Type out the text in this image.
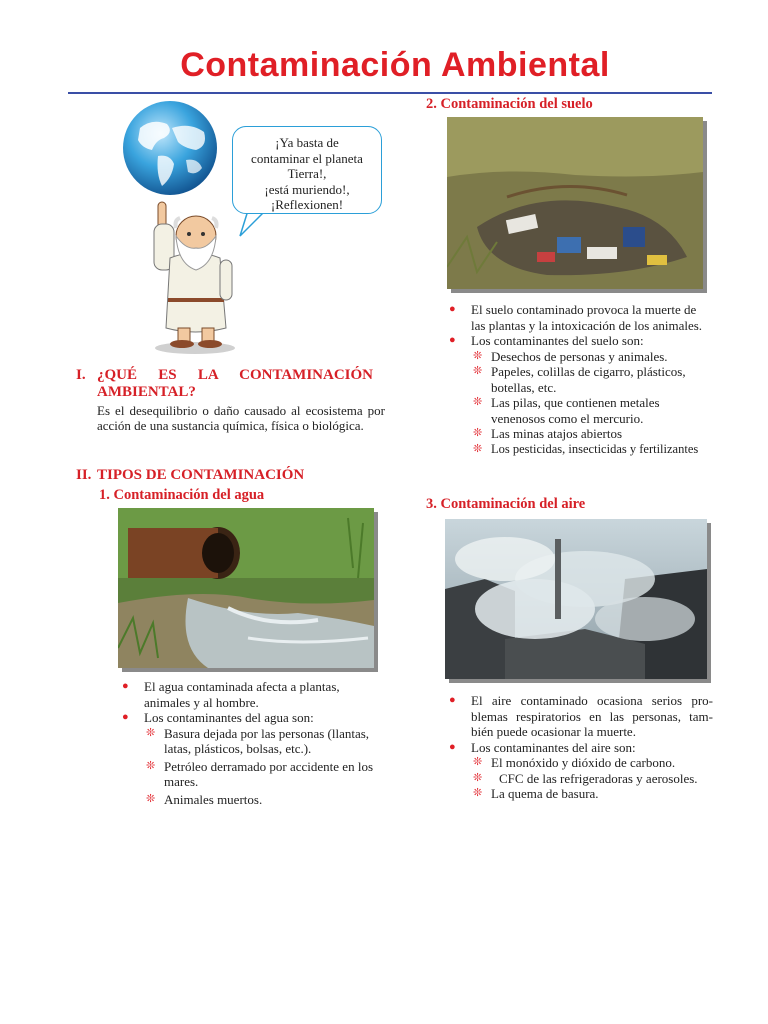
Contaminación Ambiental
¡Ya basta de
contaminar el planeta
Tierra!,
¡está muriendo!,
¡Reflexionen!
I. ¿QUÉ ES LA CONTAMINACIÓN
AMBIENTAL?
Es el desequilibrio o daño causado al ecosistema por acción de una sustancia química, física o biológica.
II. TIPOS DE CONTAMINACIÓN
1. Contaminación del agua
● El agua contaminada afecta a plantas, animales y al hombre.
● Los contaminantes del agua son:
❊ Basura dejada por las personas (llantas, latas, plásticos, bolsas, etc.).
❊ Petróleo derramado por accidente en los mares.
❊ Animales muertos.
2. Contaminación del suelo
● El suelo contaminado provoca la muerte de las plantas y la intoxicación de los animales.
● Los contaminantes del suelo son:
❊ Desechos de personas y animales.
❊ Papeles, colillas de cigarro, plásticos, botellas, etc.
❊ Las pilas, que contienen metales venenosos como el mercurio.
❊ Las minas atajos abiertos
❊ Los pesticidas, insecticidas y fertilizantes
3. Contaminación del aire
● El aire contaminado ocasiona serios pro- blemas respiratorios en las personas, tam- bién puede ocasionar la muerte.
● Los contaminantes del aire son:
❊ El monóxido y dióxido de carbono.
❊ CFC de las refrigeradoras y aerosoles.
❊ La quema de basura.
